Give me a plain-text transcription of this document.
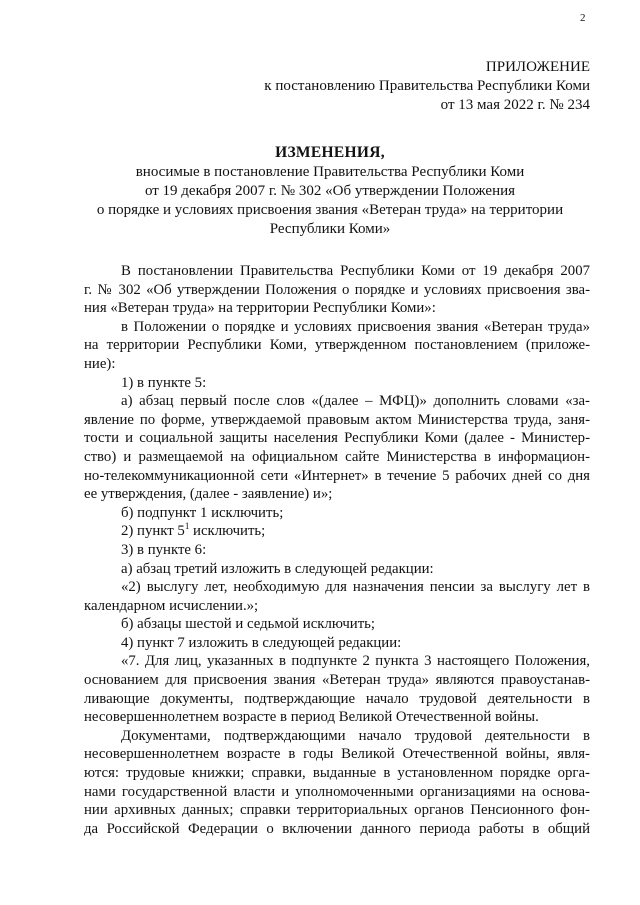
2
ПРИЛОЖЕНИЕ
к постановлению Правительства Республики Коми
от 13 мая 2022 г. № 234
ИЗМЕНЕНИЯ,
вносимые в постановление Правительства Республики Коми
от 19 декабря 2007 г. № 302 «Об утверждении Положения
о порядке и условиях присвоения звания «Ветеран труда» на территории
Республики Коми»
В постановлении Правительства Республики Коми от 19 декабря 2007
г. № 302 «Об утверждении Положения о порядке и условиях присвоения зва-
ния «Ветеран труда» на территории Республики Коми»:
в Положении о порядке и условиях присвоения звания «Ветеран труда»
на территории Республики Коми, утвержденном постановлением (приложе-
ние):
1) в пункте 5:
а) абзац первый после слов «(далее – МФЦ)» дополнить словами «за-
явление по форме, утверждаемой правовым актом Министерства труда, заня-
тости и социальной защиты населения Республики Коми (далее - Министер-
ство) и размещаемой на официальном сайте Министерства в информацион-
но-телекоммуникационной сети «Интернет» в течение 5 рабочих дней со дня
ее утверждения, (далее - заявление) и»;
б) подпункт 1 исключить;
2) пункт $5^1$ исключить;
3) в пункте 6:
а) абзац третий изложить в следующей редакции:
«2) выслугу лет, необходимую для назначения пенсии за выслугу лет в
календарном исчислении.»;
б) абзацы шестой и седьмой исключить;
4) пункт 7 изложить в следующей редакции:
«7. Для лиц, указанных в подпункте 2 пункта 3 настоящего Положения,
основанием для присвоения звания «Ветеран труда» являются правоустанав-
ливающие документы, подтверждающие начало трудовой деятельности в
несовершеннолетнем возрасте в период Великой Отечественной войны.
Документами, подтверждающими начало трудовой деятельности в
несовершеннолетнем возрасте в годы Великой Отечественной войны, явля-
ются: трудовые книжки; справки, выданные в установленном порядке орга-
нами государственной власти и уполномоченными организациями на основа-
нии архивных данных; справки территориальных органов Пенсионного фон-
да Российской Федерации о включении данного периода работы в общий
